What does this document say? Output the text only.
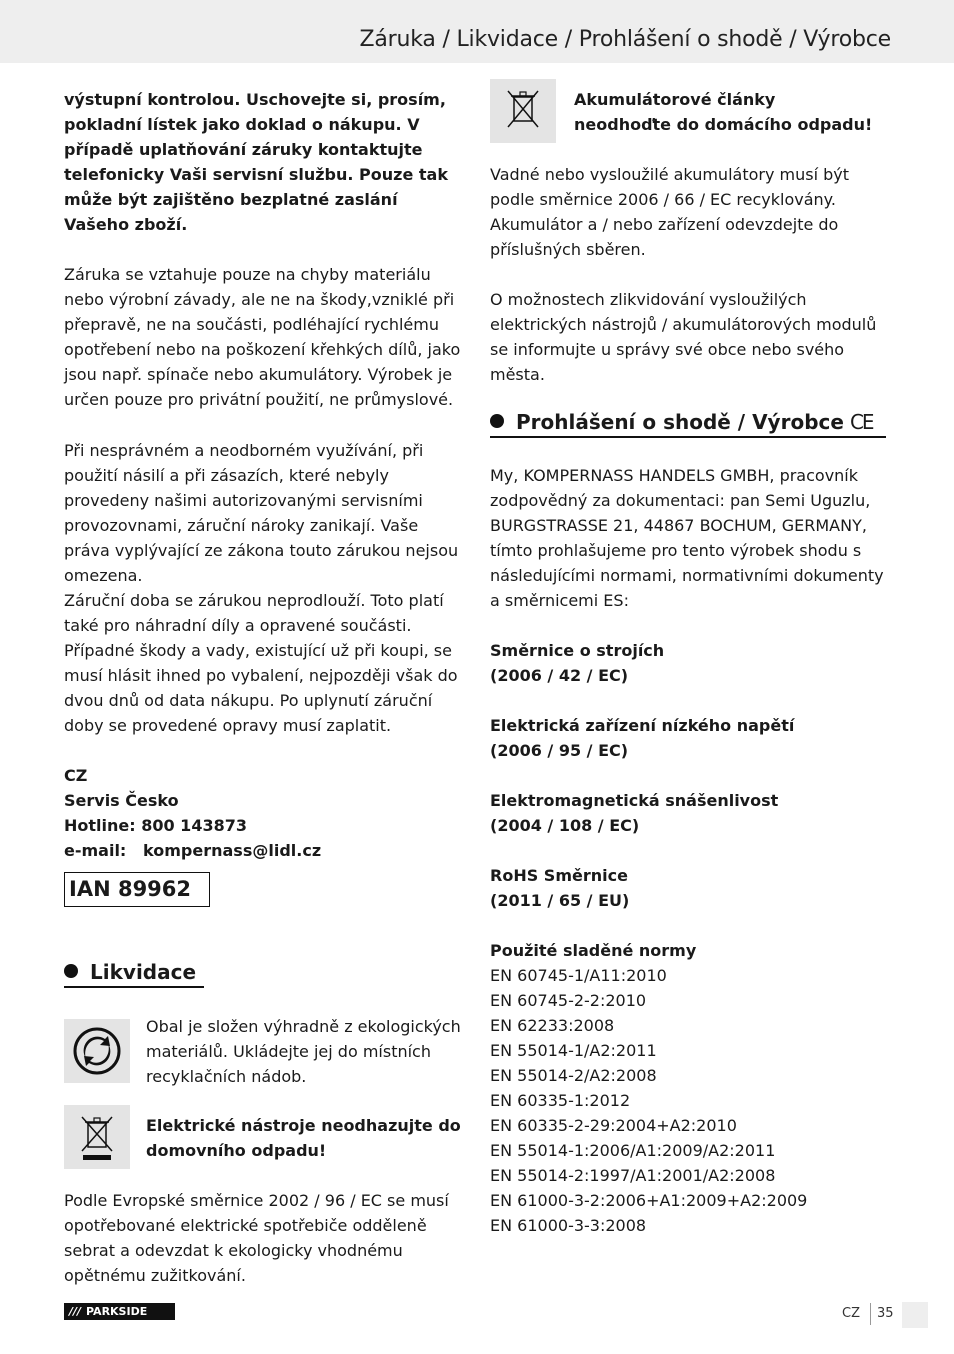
Záruka / Likvidace / Prohlášení o shodě / Výrobce

výstupní kontrolou. Uschovejte si, prosím, pokladní lístek jako doklad o nákupu. V případě uplatňování záruky kontaktujte telefonicky Vaši servisní službu. Pouze tak může být zajištěno bezplatné zaslání Vašeho zboží.

Záruka se vztahuje pouze na chyby materiálu nebo výrobní závady, ale ne na škody,vzniklé při přepravě, ne na součásti, podléhající rychlému opotřebení nebo na poškození křehkých dílů, jako jsou např. spínače nebo akumulátory. Výrobek je určen pouze pro privátní použití, ne průmyslové.

Při nesprávném a neodborném využívání, při použití násilí a při zásazích, které nebyly provedeny našimi autorizovanými servisními provozovnami, záruční nároky zanikají. Vaše práva vyplývající ze zákona touto zárukou nejsou omezena.

Záruční doba se zárukou neprodlouží. Toto platí také pro náhradní díly a opravené součásti. Případné škody a vady, existující už při koupi, se musí hlásit ihned po vybalení, nejpozději však do dvou dnů od data nákupu. Po uplynutí záruční doby se provedené opravy musí zaplatit.

CZ

Servis Česko

Hotline: 800 143873

e-mail:   kompernass@lidl.cz

IAN 89962
Likvidace

Obal je složen výhradně z ekologických materiálů. Ukládejte jej do místních recyklačních nádob.

Elektrické nástroje neodhazujte do domovního odpadu!

Podle Evropské směrnice 2002 / 96 / EC se musí opotřebované elektrické spotřebiče odděleně sebrat a odevzdat k ekologicky vhodnému opětnému zužitkování.

Akumulátorové články neodhoďte do domácího odpadu!

Vadné nebo vysloužilé akumulátory musí být podle směrnice 2006 / 66 / EC recyklovány. Akumulátor a / nebo zařízení odevzdejte do příslušných sběren.

O možnostech zlikvidování vysloužilých elektrických nástrojů / akumulátorových modulů se informujte u správy své obce nebo svého města.

Prohlášení o shodě / Výrobce CE

My, KOMPERNASS HANDELS GMBH, pracovník zodpovědný za dokumentaci: pan Semi Uguzlu, BURGSTRASSE 21, 44867 BOCHUM, GERMANY, tímto prohlašujeme pro tento výrobek shodu s následujícími normami, normativními dokumenty a směrnicemi ES:

Směrnice o strojích

(2006 / 42 / EC)

Elektrická zařízení nízkého napětí

(2006 / 95 / EC)

Elektromagnetická snášenlivost

(2004 / 108 / EC)

RoHS Směrnice

(2011 / 65 / EU)

Použité sladěné normy

EN 60745-1/A11:2010

EN 60745-2-2:2010

EN 62233:2008

EN 55014-1/A2:2011

EN 55014-2/A2:2008

EN 60335-1:2012

EN 60335-2-29:2004+A2:2010

EN 55014-1:2006/A1:2009/A2:2011

EN 55014-2:1997/A1:2001/A2:2008

EN 61000-3-2:2006+A1:2009+A2:2009

EN 61000-3-3:2008

/// PARKSIDE	CZ 35
